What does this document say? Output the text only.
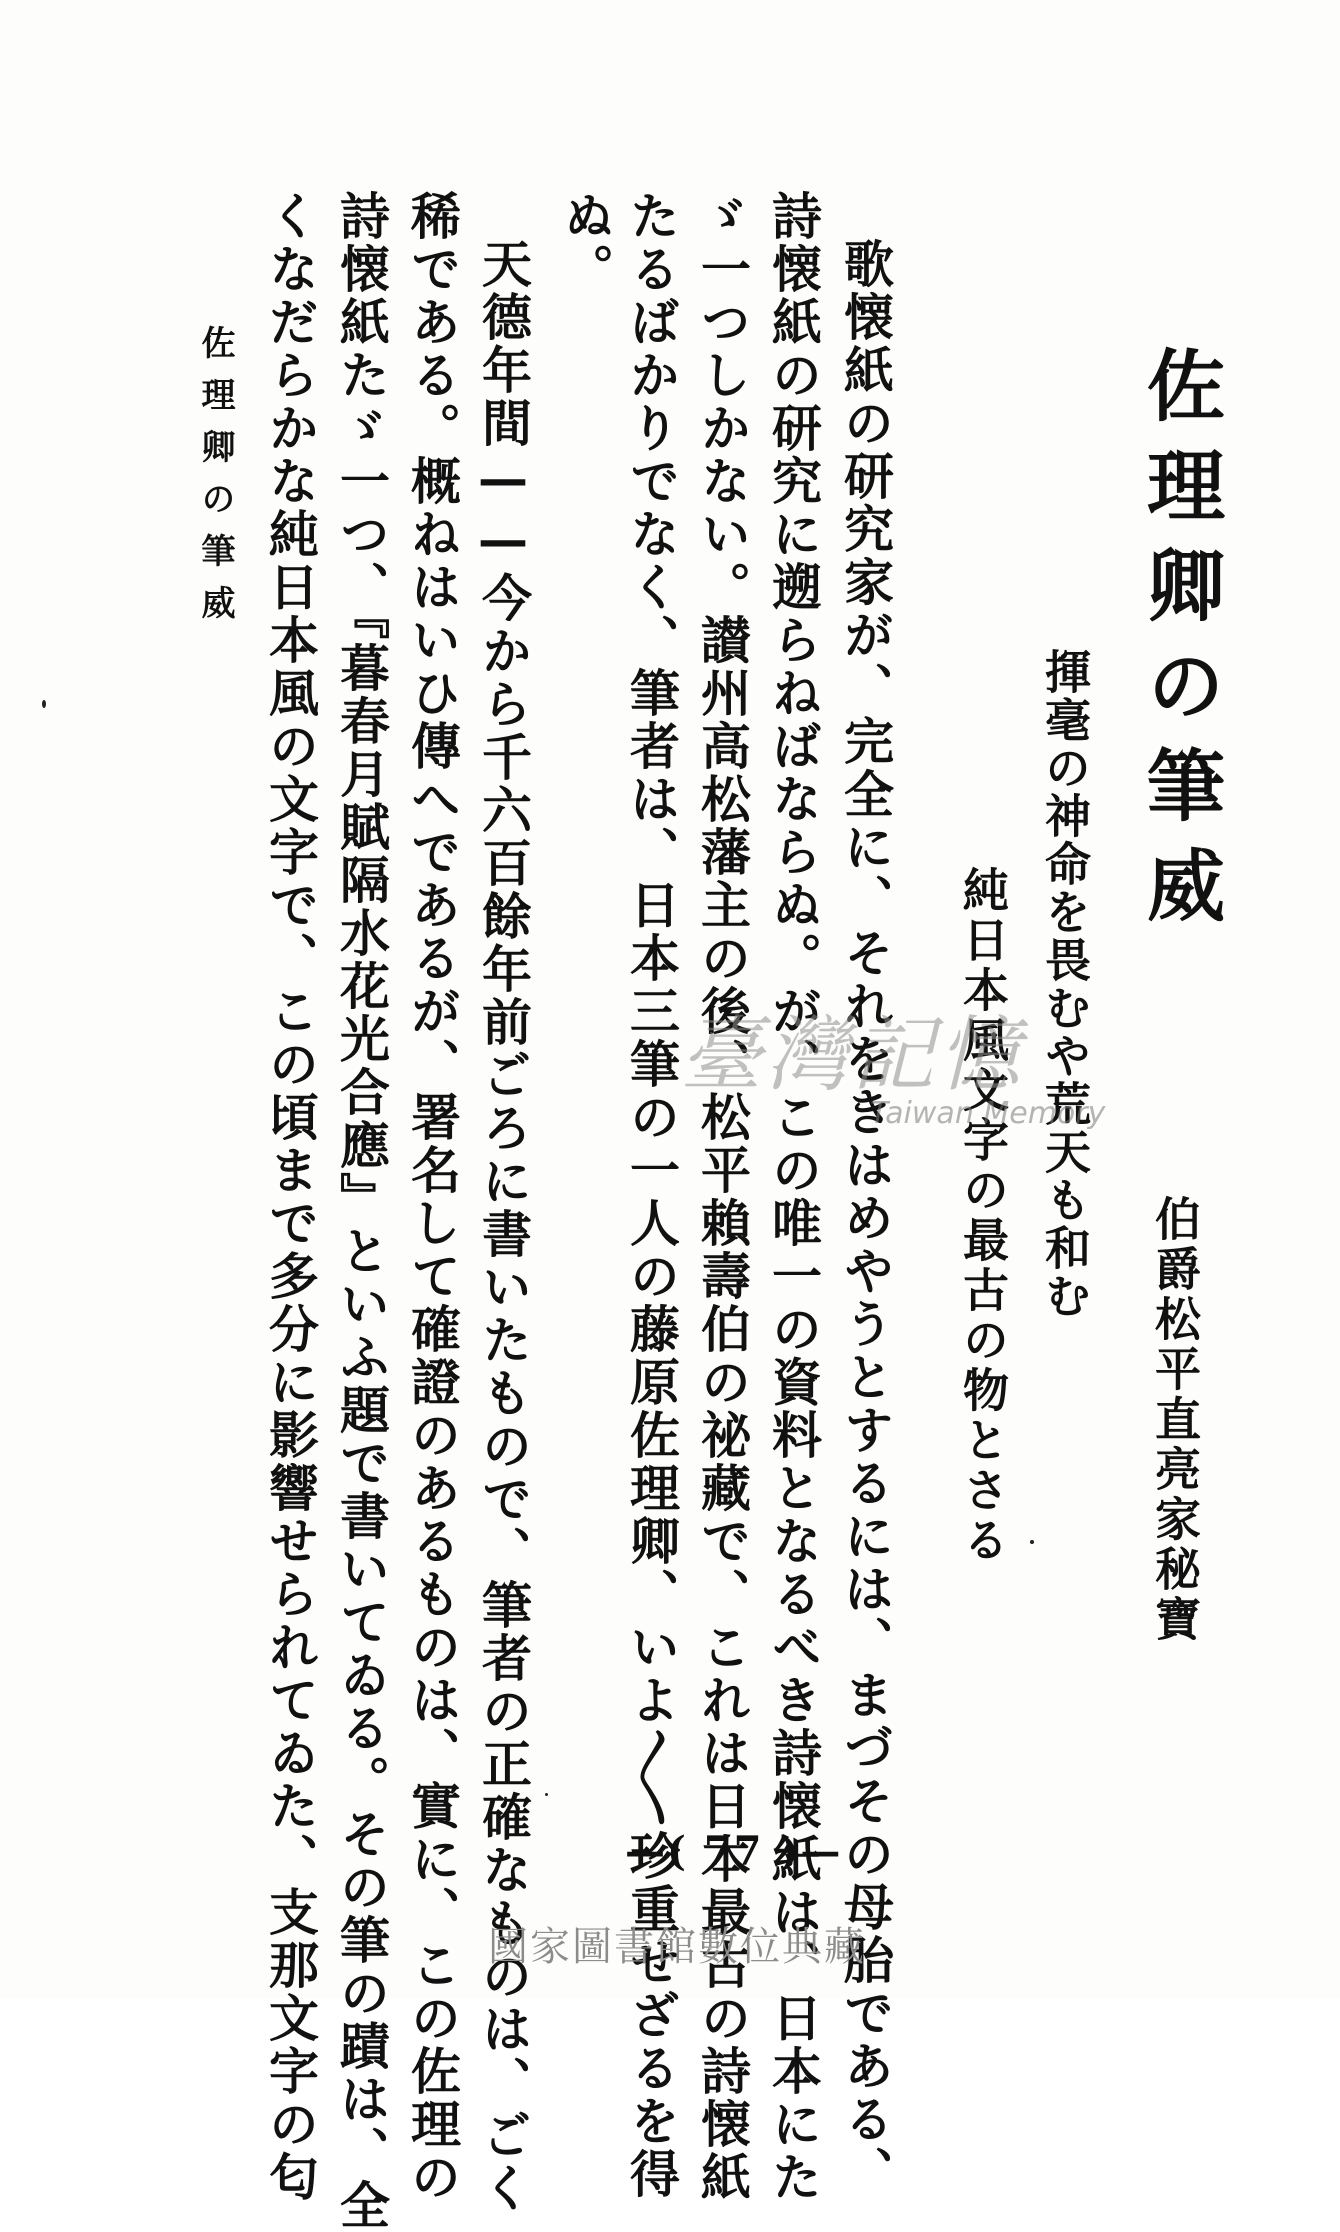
佐理卿の筆威
伯爵松平直亮家秘寶
揮毫の神命を畏むや荒天も和む
純日本風文字の最古の物とさる
歌懐紙の研究家が、完全に、それをきはめやうとするには、まづその母胎である、
詩懐紙の研究に遡らねばならぬ。が、この唯一の資料となるべき詩懐紙は、日本にた
ゞ一つしかない。讃州高松藩主の後、松平賴壽伯の祕藏で、これは日本最古の詩懐紙
たるばかりでなく、筆者は、日本三筆の一人の藤原佐理卿、いよ〳〵珍重せざるを得
ぬ。
天德年間——今から千六百餘年前ごろに書いたもので、筆者の正確なものは、ごく
稀である。概ねはいひ傳へであるが、署名して確證のあるものは、實に、この佐理の
詩懐紙たゞ一つ、『暮春月賦隔水花光合應』といふ題で書いてゐる。その筆の蹟は、全
くなだらかな純日本風の文字で、この頃まで多分に影響せられてゐた、支那文字の匂
佐理卿の筆威
—( 77 )—
臺灣記憶
Taiwan Memory
國家圖書館數位典藏
